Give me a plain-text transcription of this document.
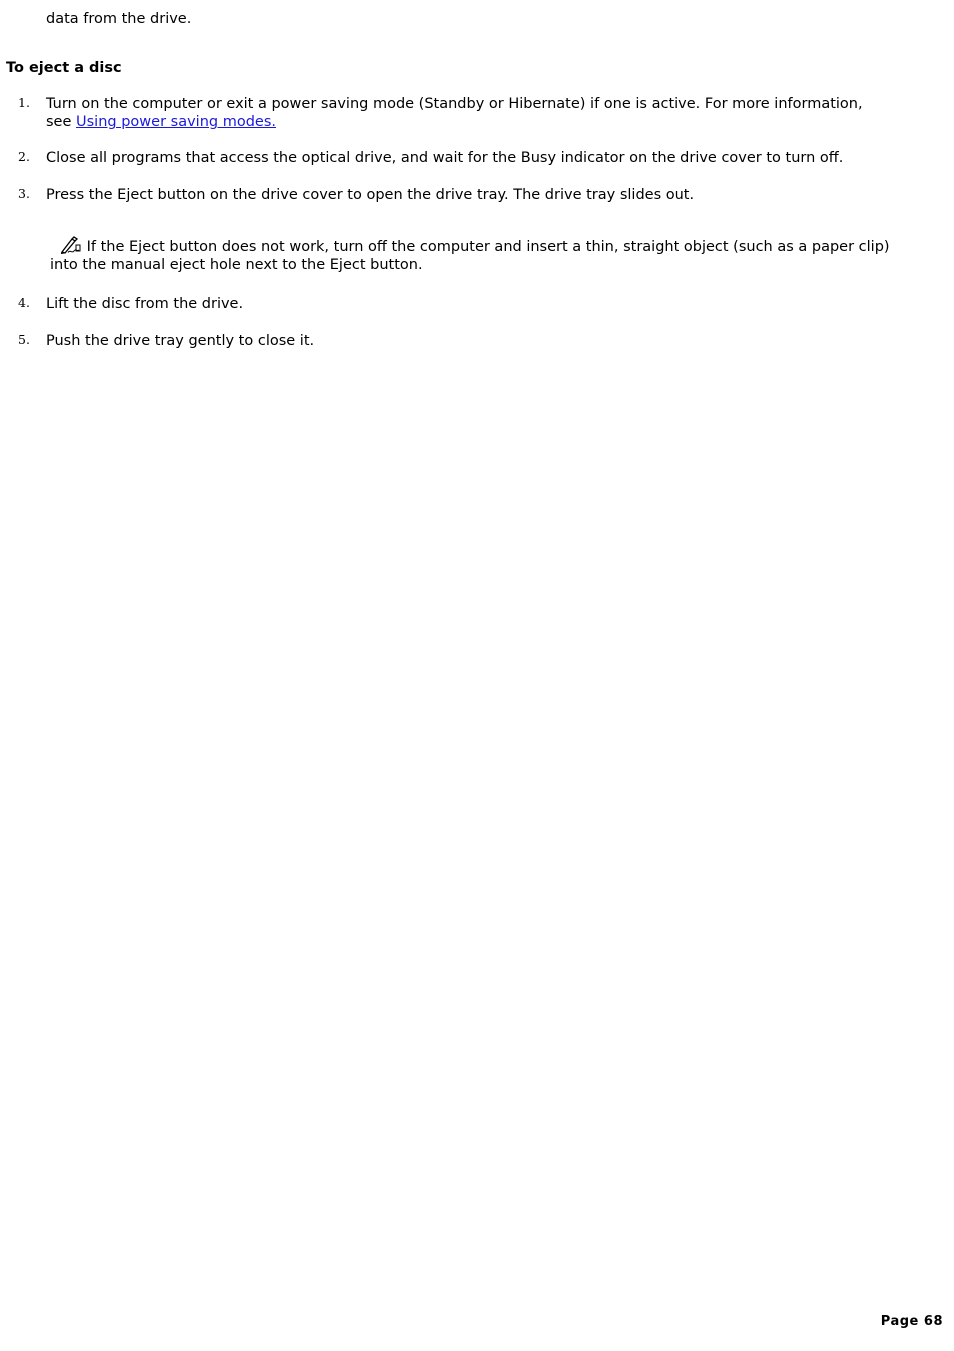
data from the drive.
To eject a disc
1. Turn on the computer or exit a power saving mode (Standby or Hibernate) if one is active. For more information,
see Using power saving modes.
2. Close all programs that access the optical drive, and wait for the Busy indicator on the drive cover to turn off.
3. Press the Eject button on the drive cover to open the drive tray. The drive tray slides out.
If the Eject button does not work, turn off the computer and insert a thin, straight object (such as a paper clip)
into the manual eject hole next to the Eject button.
4. Lift the disc from the drive.
5. Push the drive tray gently to close it.
Page 68
